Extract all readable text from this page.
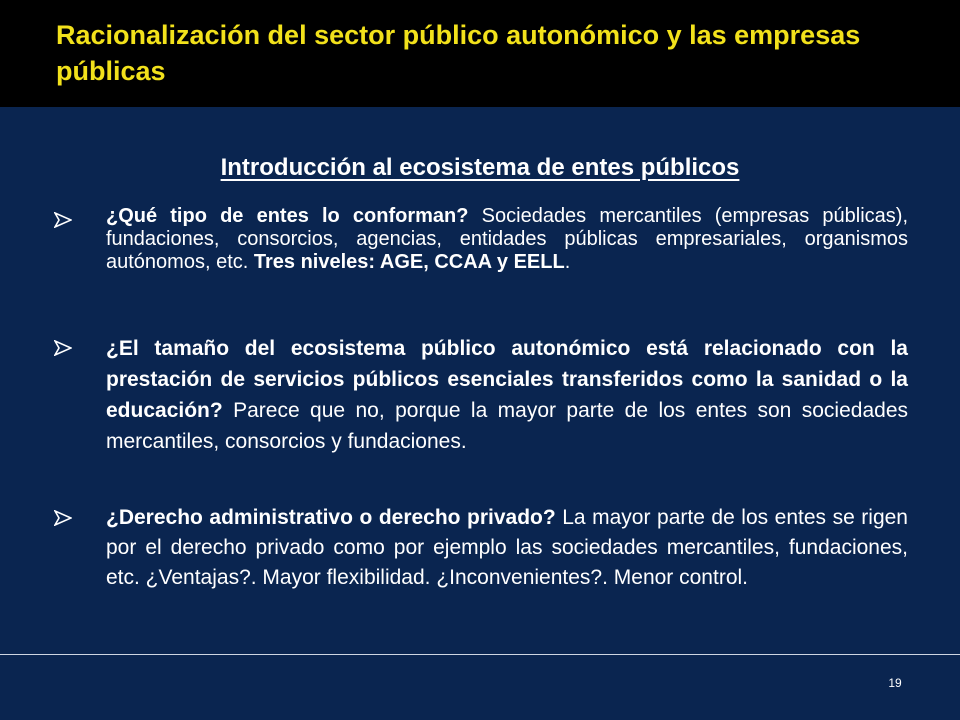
Racionalización del sector público autonómico y las empresas públicas
Introducción al ecosistema de entes públicos

¿Qué tipo de entes lo conforman? Sociedades mercantiles (empresas públicas), fundaciones, consorcios, agencias, entidades públicas empresariales, organismos autónomos, etc. Tres niveles: AGE, CCAA y EELL.

¿El tamaño del ecosistema público autonómico está relacionado con la prestación de servicios públicos esenciales transferidos como la sanidad o la educación? Parece que no, porque la mayor parte de los entes son sociedades mercantiles, consorcios y fundaciones.

¿Derecho administrativo o derecho privado? La mayor parte de los entes se rigen por el derecho privado como por ejemplo las sociedades mercantiles, fundaciones, etc. ¿Ventajas?. Mayor flexibilidad. ¿Inconvenientes?. Menor control.

19
